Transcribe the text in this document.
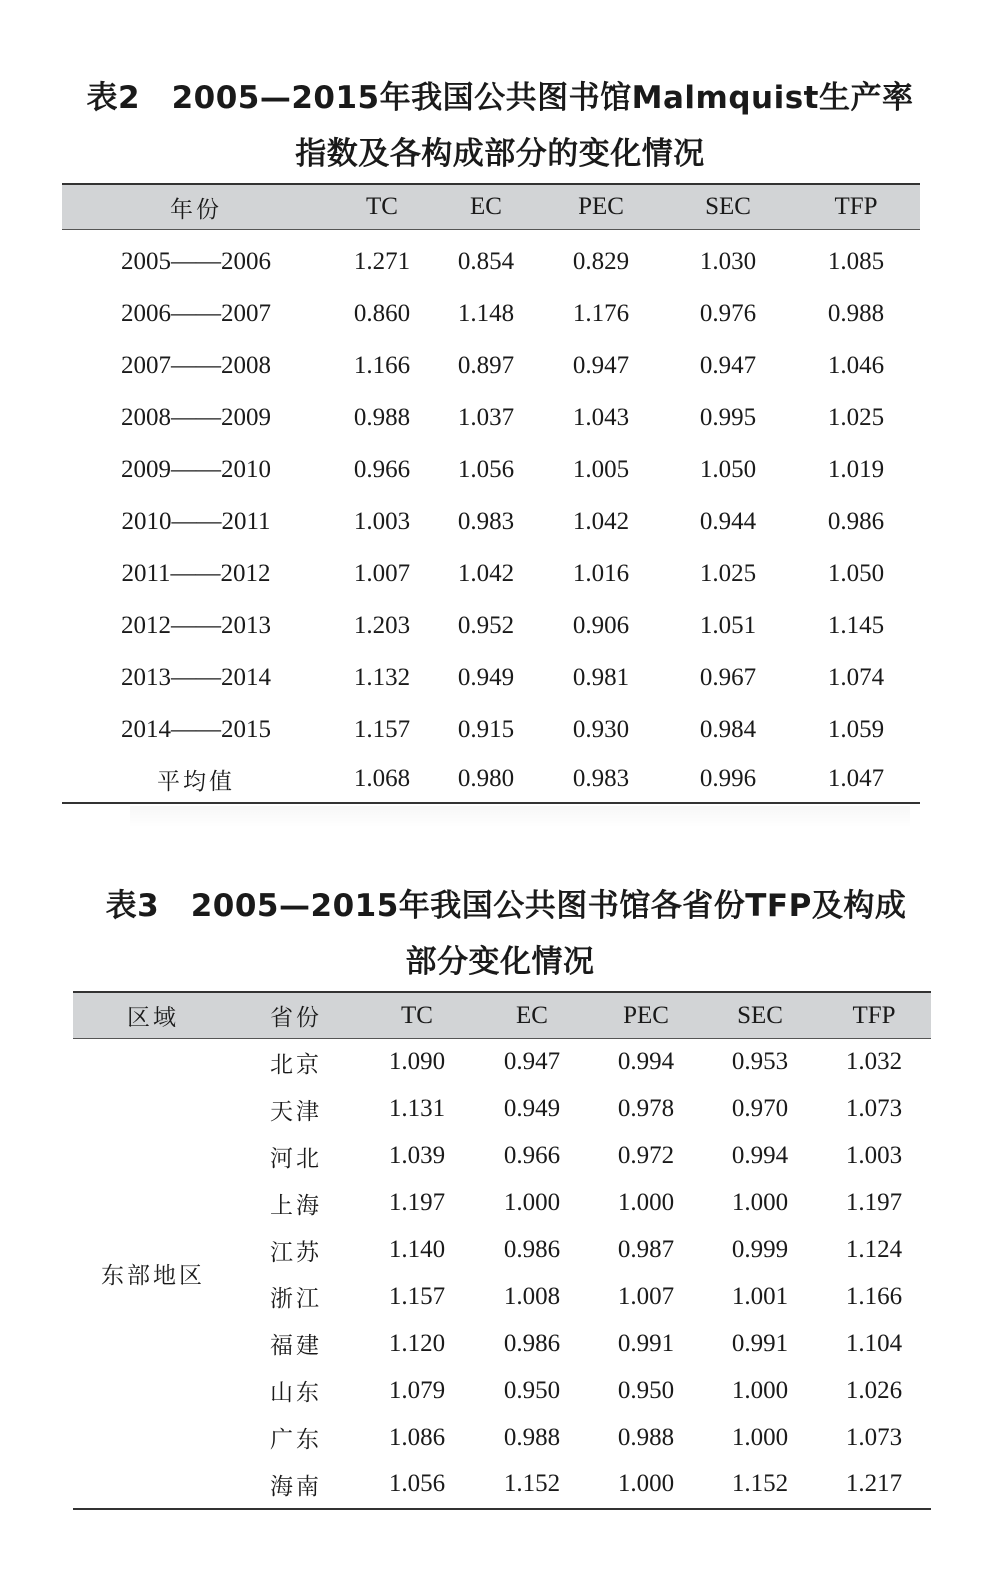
表2　2005—2015年我国公共图书馆Malmquist生产率
指数及各构成部分的变化情况
年份	TC	EC	PEC	SEC	TFP
2005——2006	1.271	0.854	0.829	1.030	1.085
2006——2007	0.860	1.148	1.176	0.976	0.988
2007——2008	1.166	0.897	0.947	0.947	1.046
2008——2009	0.988	1.037	1.043	0.995	1.025
2009——2010	0.966	1.056	1.005	1.050	1.019
2010——2011	1.003	0.983	1.042	0.944	0.986
2011——2012	1.007	1.042	1.016	1.025	1.050
2012——2013	1.203	0.952	0.906	1.051	1.145
2013——2014	1.132	0.949	0.981	0.967	1.074
2014——2015	1.157	0.915	0.930	0.984	1.059
平均值	1.068	0.980	0.983	0.996	1.047
表3　2005—2015年我国公共图书馆各省份TFP及构成
部分变化情况
区域	省份	TC	EC	PEC	SEC	TFP
东部地区	北京	1.090	0.947	0.994	0.953	1.032
	天津	1.131	0.949	0.978	0.970	1.073
	河北	1.039	0.966	0.972	0.994	1.003
	上海	1.197	1.000	1.000	1.000	1.197
	江苏	1.140	0.986	0.987	0.999	1.124
	浙江	1.157	1.008	1.007	1.001	1.166
	福建	1.120	0.986	0.991	0.991	1.104
	山东	1.079	0.950	0.950	1.000	1.026
	广东	1.086	0.988	0.988	1.000	1.073
	海南	1.056	1.152	1.000	1.152	1.217
